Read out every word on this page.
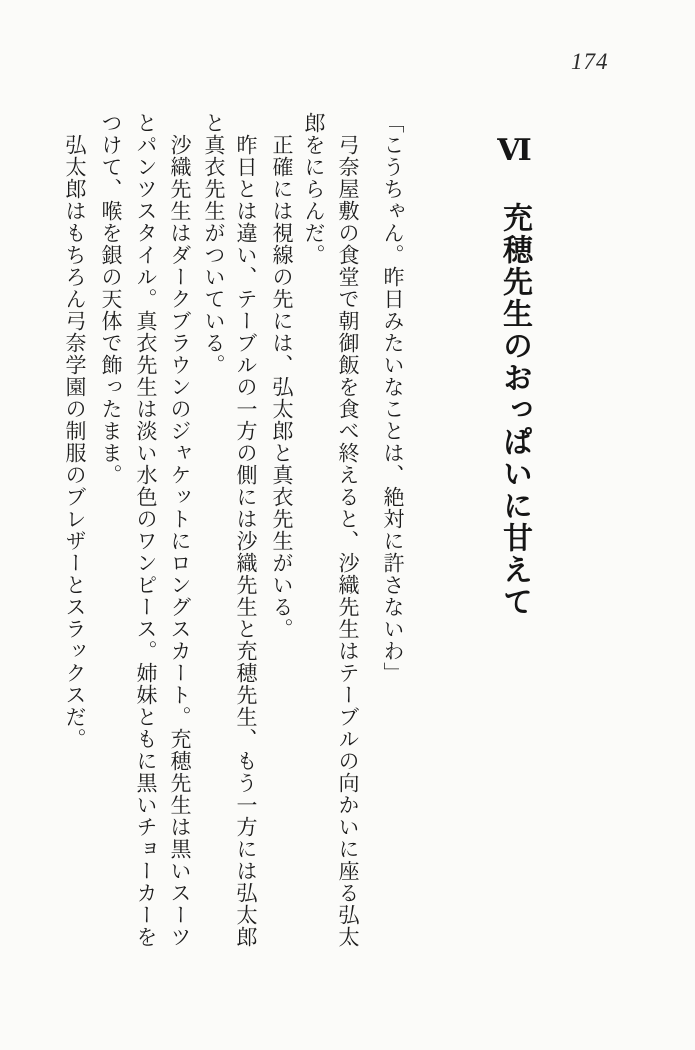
174
Ⅵ　充穂先生のおっぱいに甘えて
「こうちゃん。昨日みたいなことは、絶対に許さないわ」
弓奈屋敷の食堂で朝御飯を食べ終えると、沙織先生はテーブルの向かいに座る弘太
郎をにらんだ。
正確には視線の先には、弘太郎と真衣先生がいる。
昨日とは違い、テーブルの一方の側には沙織先生と充穂先生、もう一方には弘太郎
と真衣先生がついている。
沙織先生はダークブラウンのジャケットにロングスカート。充穂先生は黒いスーツ
とパンツスタイル。真衣先生は淡い水色のワンピース。姉妹ともに黒いチョーカーを
つけて、喉を銀の天体で飾ったまま。
弘太郎はもちろん弓奈学園の制服のブレザーとスラックスだ。
